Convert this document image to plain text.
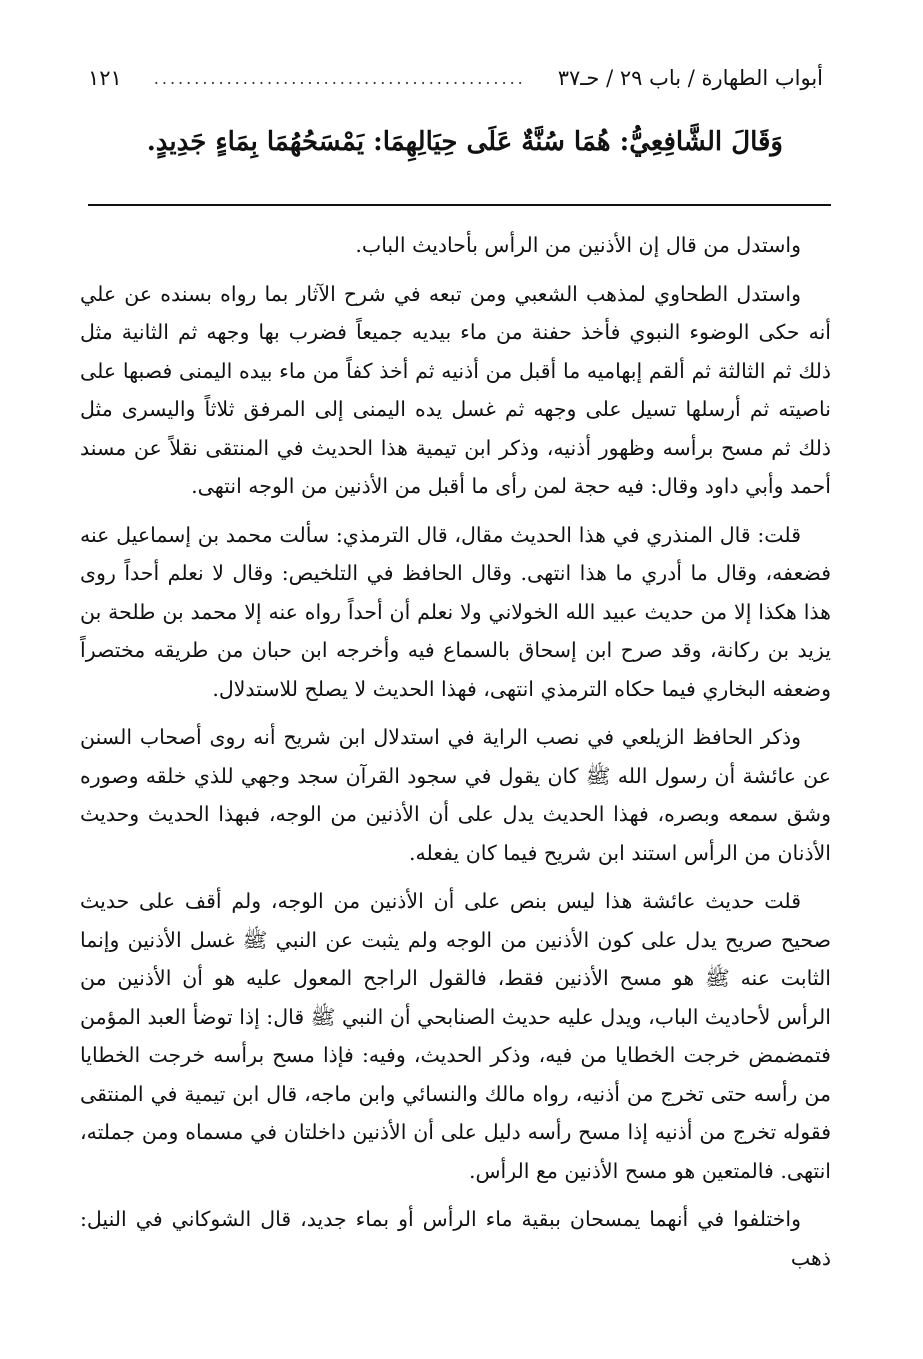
أبواب الطهارة / باب ٢٩ / حـ٣٧
..............................................
١٢١
وَقَالَ الشَّافِعِيُّ: هُمَا سُنَّةٌ عَلَى حِيَالِهِمَا: يَمْسَحُهُمَا بِمَاءٍ جَدِيدٍ.

واستدل من قال إن الأذنين من الرأس بأحاديث الباب.

واستدل الطحاوي لمذهب الشعبي ومن تبعه في شرح الآثار بما رواه بسنده عن علي أنه حكى الوضوء النبوي فأخذ حفنة من ماء بيديه جميعاً فضرب بها وجهه ثم الثانية مثل ذلك ثم الثالثة ثم ألقم إبهاميه ما أقبل من أذنيه ثم أخذ كفاً من ماء بيده اليمنى فصبها على ناصيته ثم أرسلها تسيل على وجهه ثم غسل يده اليمنى إلى المرفق ثلاثاً واليسرى مثل ذلك ثم مسح برأسه وظهور أذنيه، وذكر ابن تيمية هذا الحديث في المنتقى نقلاً عن مسند أحمد وأبي داود وقال: فيه حجة لمن رأى ما أقبل من الأذنين من الوجه انتهى.

قلت: قال المنذري في هذا الحديث مقال، قال الترمذي: سألت محمد بن إسماعيل عنه فضعفه، وقال ما أدري ما هذا انتهى. وقال الحافظ في التلخيص: وقال لا نعلم أحداً روى هذا هكذا إلا من حديث عبيد الله الخولاني ولا نعلم أن أحداً رواه عنه إلا محمد بن طلحة بن يزيد بن ركانة، وقد صرح ابن إسحاق بالسماع فيه وأخرجه ابن حبان من طريقه مختصراً وضعفه البخاري فيما حكاه الترمذي انتهى، فهذا الحديث لا يصلح للاستدلال.

وذكر الحافظ الزيلعي في نصب الراية في استدلال ابن شريح أنه روى أصحاب السنن عن عائشة أن رسول الله ﷺ كان يقول في سجود القرآن سجد وجهي للذي خلقه وصوره وشق سمعه وبصره، فهذا الحديث يدل على أن الأذنين من الوجه، فبهذا الحديث وحديث الأذنان من الرأس استند ابن شريح فيما كان يفعله.

قلت حديث عائشة هذا ليس بنص على أن الأذنين من الوجه، ولم أقف على حديث صحيح صريح يدل على كون الأذنين من الوجه ولم يثبت عن النبي ﷺ غسل الأذنين وإنما الثابت عنه ﷺ هو مسح الأذنين فقط، فالقول الراجح المعول عليه هو أن الأذنين من الرأس لأحاديث الباب، ويدل عليه حديث الصنابحي أن النبي ﷺ قال: إذا توضأ العبد المؤمن فتمضمض خرجت الخطايا من فيه، وذكر الحديث، وفيه: فإذا مسح برأسه خرجت الخطايا من رأسه حتى تخرج من أذنيه، رواه مالك والنسائي وابن ماجه، قال ابن تيمية في المنتقى فقوله تخرج من أذنيه إذا مسح رأسه دليل على أن الأذنين داخلتان في مسماه ومن جملته، انتهى. فالمتعين هو مسح الأذنين مع الرأس.

واختلفوا في أنهما يمسحان ببقية ماء الرأس أو بماء جديد، قال الشوكاني في النيل: ذهب
